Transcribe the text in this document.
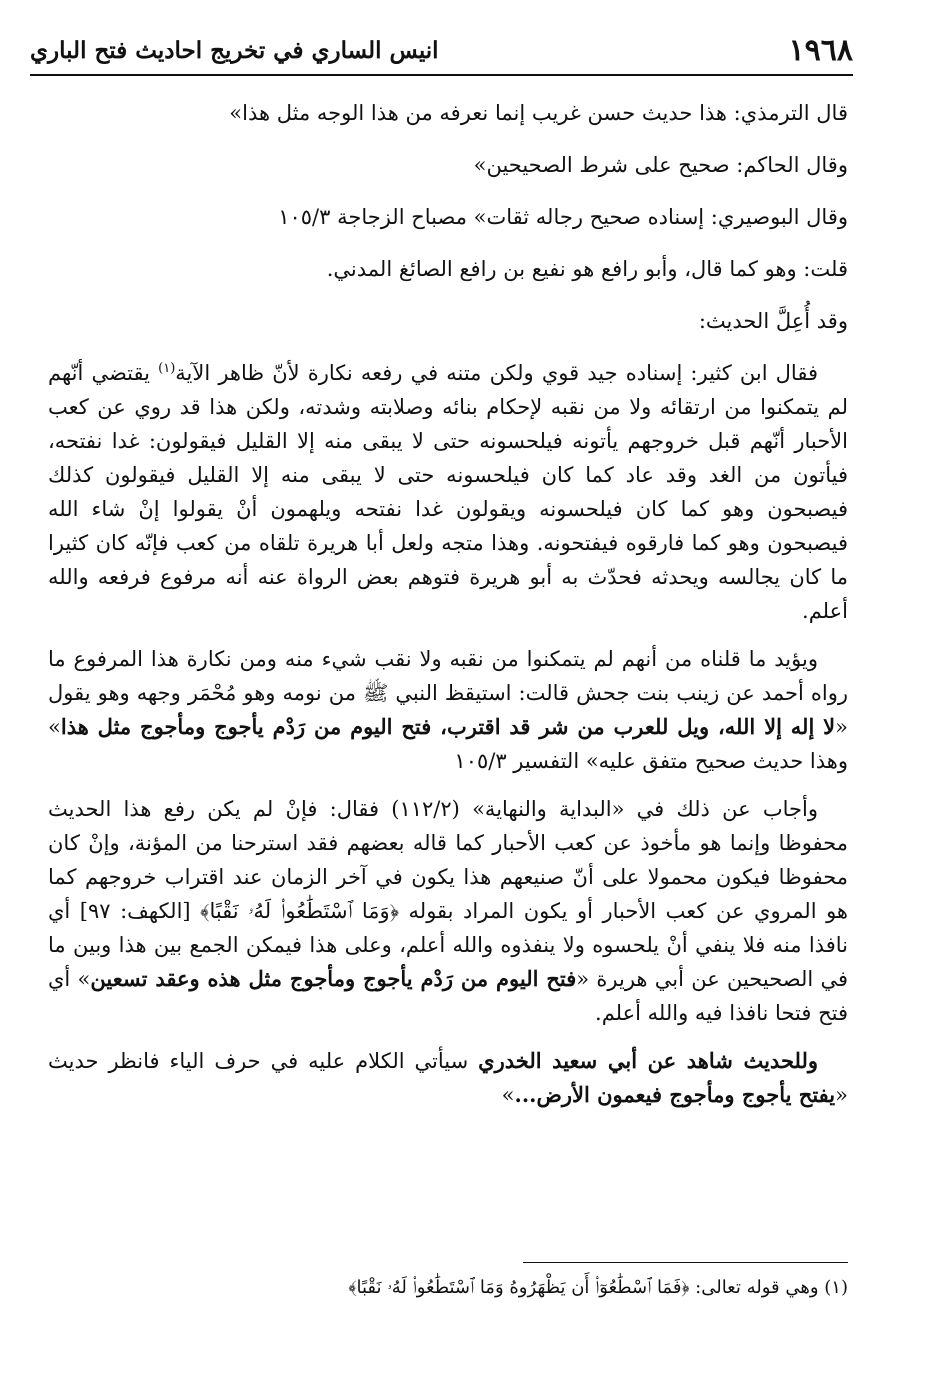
١٩٦٨
انيس الساري في تخريج احاديث فتح الباري

قال الترمذي: هذا حديث حسن غريب إنما نعرفه من هذا الوجه مثل هذا»

وقال الحاكم: صحيح على شرط الصحيحين»

وقال البوصيري: إسناده صحيح رجاله ثقات» مصباح الزجاجة ١٠٥/٣

قلت: وهو كما قال، وأبو رافع هو نفيع بن رافع الصائغ المدني.

وقد أُعِلَّ الحديث:

فقال ابن كثير: إسناده جيد قوي ولكن متنه في رفعه نكارة لأنّ ظاهر الآية$^{(١)}$ يقتضي أنّهم لم يتمكنوا من ارتقائه ولا من نقبه لإحكام بنائه وصلابته وشدته، ولكن هذا قد روي عن كعب الأحبار أنّهم قبل خروجهم يأتونه فيلحسونه حتى لا يبقى منه إلا القليل فيقولون: غدا نفتحه، فيأتون من الغد وقد عاد كما كان فيلحسونه حتى لا يبقى منه إلا القليل فيقولون كذلك فيصبحون وهو كما كان فيلحسونه ويقولون غدا نفتحه ويلهمون أنْ يقولوا إنْ شاء الله فيصبحون وهو كما فارقوه فيفتحونه. وهذا متجه ولعل أبا هريرة تلقاه من كعب فإنّه كان كثيرا ما كان يجالسه ويحدثه فحدّث به أبو هريرة فتوهم بعض الرواة عنه أنه مرفوع فرفعه والله أعلم.

ويؤيد ما قلناه من أنهم لم يتمكنوا من نقبه ولا نقب شيء منه ومن نكارة هذا المرفوع ما رواه أحمد عن زينب بنت جحش قالت: استيقظ النبي ﷺ من نومه وهو مُحْمَر وجهه وهو يقول «لا إله إلا الله، ويل للعرب من شر قد اقترب، فتح اليوم من رَدْم يأجوج ومأجوج مثل هذا» وهذا حديث صحيح متفق عليه» التفسير ١٠٥/٣

وأجاب عن ذلك في «البداية والنهاية» (١١٢/٢) فقال: فإنْ لم يكن رفع هذا الحديث محفوظا وإنما هو مأخوذ عن كعب الأحبار كما قاله بعضهم فقد استرحنا من المؤنة، وإنْ كان محفوظا فيكون محمولا على أنّ صنيعهم هذا يكون في آخر الزمان عند اقتراب خروجهم كما هو المروي عن كعب الأحبار أو يكون المراد بقوله ﴿وَمَا ٱسْتَطَٰعُوا۟ لَهُۥ نَقْبًا﴾ [الكهف: ٩٧] أي نافذا منه فلا ينفي أنْ يلحسوه ولا ينفذوه والله أعلم، وعلى هذا فيمكن الجمع بين هذا وبين ما في الصحيحين عن أبي هريرة «فتح اليوم من رَدْم يأجوج ومأجوج مثل هذه وعقد تسعين» أي فتح فتحا نافذا فيه والله أعلم.

وللحديث شاهد عن أبي سعيد الخدري سيأتي الكلام عليه في حرف الياء فانظر حديث «يفتح يأجوج ومأجوج فيعمون الأرض...»

(١) وهي قوله تعالى: ﴿فَمَا ٱسْطَٰعُوٓا۟ أَن يَظْهَرُوهُ وَمَا ٱسْتَطَٰعُوا۟ لَهُۥ نَقْبًا﴾
